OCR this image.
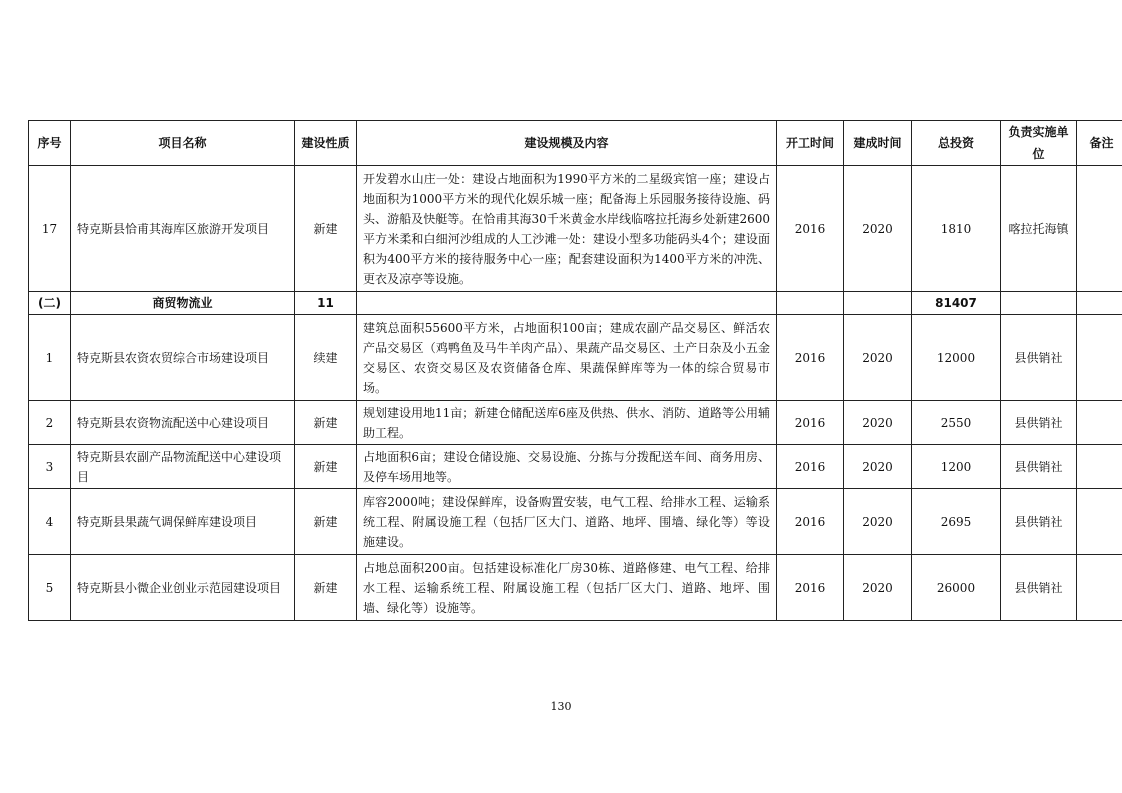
序号	项目名称	建设性质	建设规模及内容	开工时间	建成时间	总投资	负责实施单位	备注
17	特克斯县恰甫其海库区旅游开发项目	新建	开发碧水山庄一处：建设占地面积为1990平方米的二星级宾馆一座；建设占地面积为1000平方米的现代化娱乐城一座；配备海上乐园服务接待设施、码头、游船及快艇等。在恰甫其海30千米黄金水岸线临喀拉托海乡处新建2600平方米柔和白细河沙组成的人工沙滩一处：建设小型多功能码头4个；建设面积为400平方米的接待服务中心一座；配套建设面积为1400平方米的冲洗、更衣及凉亭等设施。	2016	2020	1810	喀拉托海镇	
(二)	商贸物流业	11				81407		
1	特克斯县农资农贸综合市场建设项目	续建	建筑总面积55600平方米，占地面积100亩；建成农副产品交易区、鲜活农产品交易区（鸡鸭鱼及马牛羊肉产品）、果蔬产品交易区、土产日杂及小五金交易区、农资交易区及农资储备仓库、果蔬保鲜库等为一体的综合贸易市场。	2016	2020	12000	县供销社	
2	特克斯县农资物流配送中心建设项目	新建	规划建设用地11亩；新建仓储配送库6座及供热、供水、消防、道路等公用辅助工程。	2016	2020	2550	县供销社	
3	特克斯县农副产品物流配送中心建设项目	新建	占地面积6亩；建设仓储设施、交易设施、分拣与分拨配送车间、商务用房、及停车场用地等。	2016	2020	1200	县供销社	
4	特克斯县果蔬气调保鲜库建设项目	新建	库容2000吨；建设保鲜库，设备购置安装，电气工程、给排水工程、运输系统工程、附属设施工程（包括厂区大门、道路、地坪、围墙、绿化等）等设施建设。	2016	2020	2695	县供销社	
5	特克斯县小微企业创业示范园建设项目	新建	占地总面积200亩。包括建设标准化厂房30栋、道路修建、电气工程、给排水工程、运输系统工程、附属设施工程（包括厂区大门、道路、地坪、围墙、绿化等）设施等。	2016	2020	26000	县供销社	
130
